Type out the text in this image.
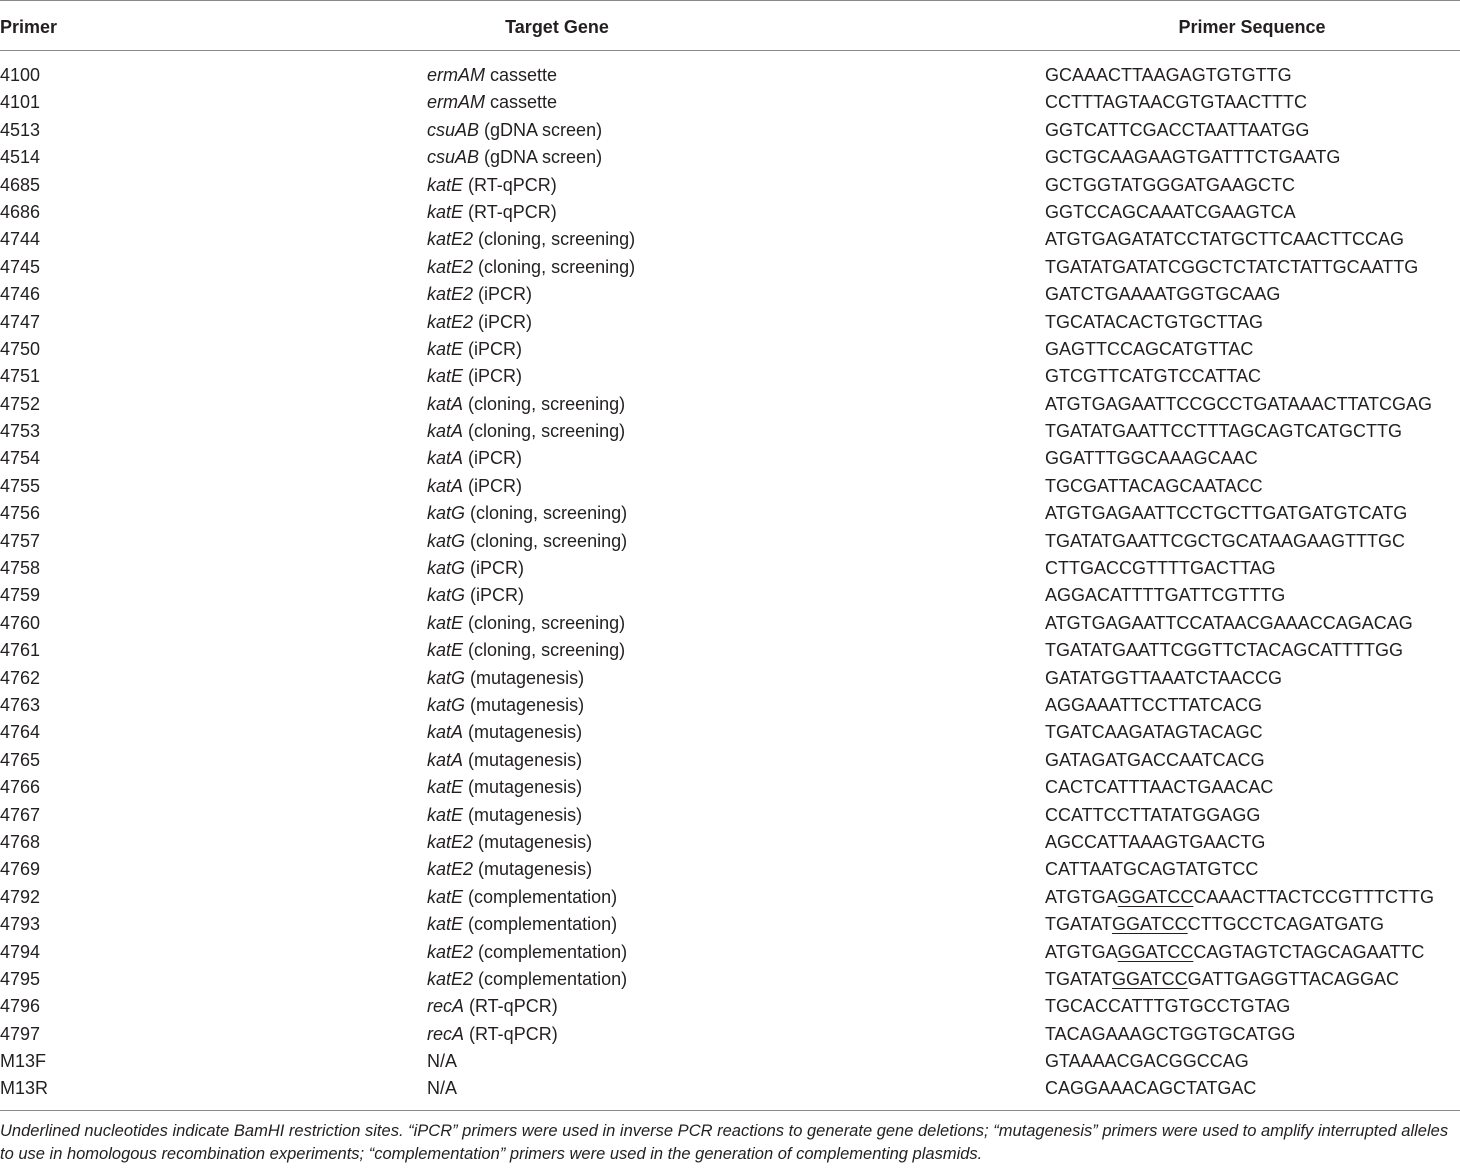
Primer	Target Gene	Primer Sequence
4100	ermAM cassette	GCAAACTTAAGAGTGTGTTG
4101	ermAM cassette	CCTTTAGTAACGTGTAACTTTC
4513	csuAB (gDNA screen)	GGTCATTCGACCTAATTAATGG
4514	csuAB (gDNA screen)	GCTGCAAGAAGTGATTTCTGAATG
4685	katE (RT-qPCR)	GCTGGTATGGGATGAAGCTC
4686	katE (RT-qPCR)	GGTCCAGCAAATCGAAGTCA
4744	katE2 (cloning, screening)	ATGTGAGATATCCTATGCTTCAACTTCCAG
4745	katE2 (cloning, screening)	TGATATGATATCGGCTCTATCTATTGCAATTG
4746	katE2 (iPCR)	GATCTGAAAATGGTGCAAG
4747	katE2 (iPCR)	TGCATACACTGTGCTTAG
4750	katE (iPCR)	GAGTTCCAGCATGTTAC
4751	katE (iPCR)	GTCGTTCATGTCCATTAC
4752	katA (cloning, screening)	ATGTGAGAATTCCGCCTGATAAACTTATCGAG
4753	katA (cloning, screening)	TGATATGAATTCCTTTAGCAGTCATGCTTG
4754	katA (iPCR)	GGATTTGGCAAAGCAAC
4755	katA (iPCR)	TGCGATTACAGCAATACC
4756	katG (cloning, screening)	ATGTGAGAATTCCTGCTTGATGATGTCATG
4757	katG (cloning, screening)	TGATATGAATTCGCTGCATAAGAAGTTTGC
4758	katG (iPCR)	CTTGACCGTTTTGACTTAG
4759	katG (iPCR)	AGGACATTTTGATTCGTTTG
4760	katE (cloning, screening)	ATGTGAGAATTCCATAACGAAACCAGACAG
4761	katE (cloning, screening)	TGATATGAATTCGGTTCTACAGCATTTTGG
4762	katG (mutagenesis)	GATATGGTTAAATCTAACCG
4763	katG (mutagenesis)	AGGAAATTCCTTATCACG
4764	katA (mutagenesis)	TGATCAAGATAGTACAGC
4765	katA (mutagenesis)	GATAGATGACCAATCACG
4766	katE (mutagenesis)	CACTCATTTAACTGAACAC
4767	katE (mutagenesis)	CCATTCCTTATATGGAGG
4768	katE2 (mutagenesis)	AGCCATTAAAGTGAACTG
4769	katE2 (mutagenesis)	CATTAATGCAGTATGTCC
4792	katE (complementation)	ATGTGAGGATCCCAAACTTACTCCGTTTCTTG
4793	katE (complementation)	TGATATGGATCCCTTGCCTCAGATGATG
4794	katE2 (complementation)	ATGTGAGGATCCCAGTAGTCTAGCAGAATTC
4795	katE2 (complementation)	TGATATGGATCCGATTGAGGTTACAGGAC
4796	recA (RT-qPCR)	TGCACCATTTGTGCCTGTAG
4797	recA (RT-qPCR)	TACAGAAAGCTGGTGCATGG
M13F	N/A	GTAAAACGACGGCCAG
M13R	N/A	CAGGAAACAGCTATGAC
Underlined nucleotides indicate BamHI restriction sites. “iPCR” primers were used in inverse PCR reactions to generate gene deletions; “mutagenesis” primers were used to amplify interrupted alleles to use in homologous recombination experiments; “complementation” primers were used in the generation of complementing plasmids.
